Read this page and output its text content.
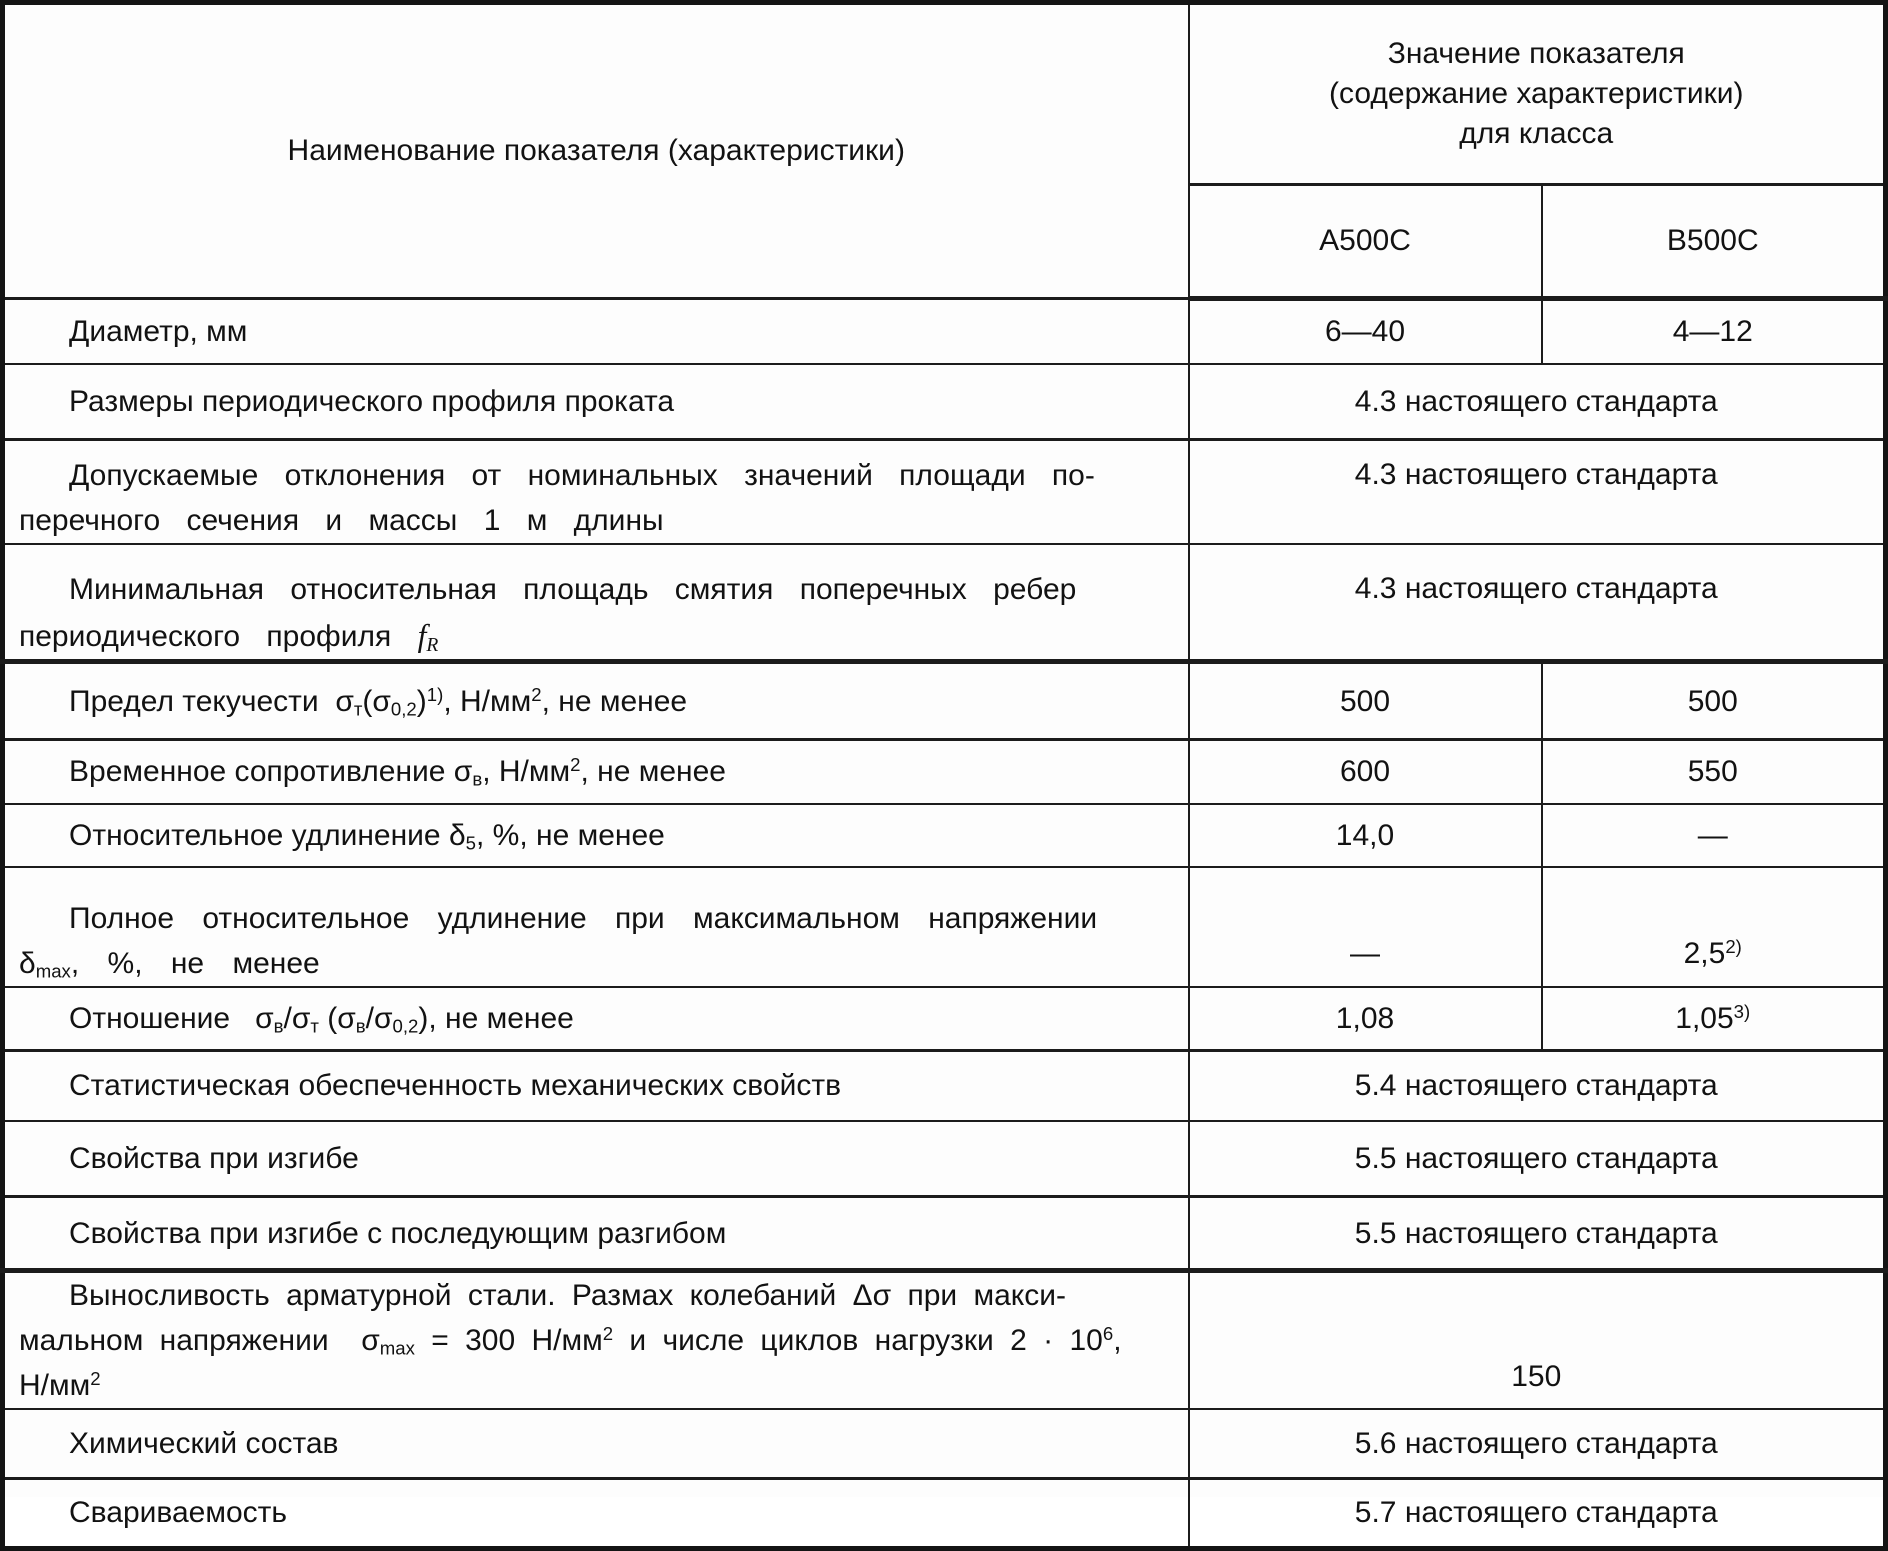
Наименование показателя (характеристики)	Значение показателя
(содержание характеристики)
для класса	
	А500С	В500С
Диаметр, мм	6—40	4—12
Размеры периодического профиля проката	4.3 настоящего стандарта	
Допускаемые отклонения от номинальных значений площади по-
перечного сечения и массы 1 м длины	4.3 настоящего стандарта	
Минимальная относительная площадь смятия поперечных ребер
периодического профиля $f_R$	4.3 настоящего стандарта	
Предел текучести  $\sigma_т(\sigma_{0,2})^{1)}$, $Н/мм^2$, не менее	500	500
Временное сопротивление $\sigma_в$, $Н/мм^2$, не менее	600	550
Относительное удлинение $\delta_5$, %, не менее	14,0	—
Полное относительное удлинение при максимальном напряжении
$\delta_{max}$, %, не менее	—	2,5$^{2)}$
Отношение   $\sigma_в/\sigma_т$ $(\sigma_в/\sigma_{0,2})$, не менее	1,08	1,05$^{3)}$
Статистическая обеспеченность механических свойств	5.4 настоящего стандарта	
Свойства при изгибе	5.5 настоящего стандарта	
Свойства при изгибе с последующим разгибом	5.5 настоящего стандарта	
Выносливость арматурной стали. Размах колебаний Δσ при макси-
мальном напряжении  $\sigma_{max} = 300$ $Н/мм^2$ и числе циклов нагрузки $2 \cdot 10^6$,
$Н/мм^2$	150	
Химический состав	5.6 настоящего стандарта	
Свариваемость	5.7 настоящего стандарта	
